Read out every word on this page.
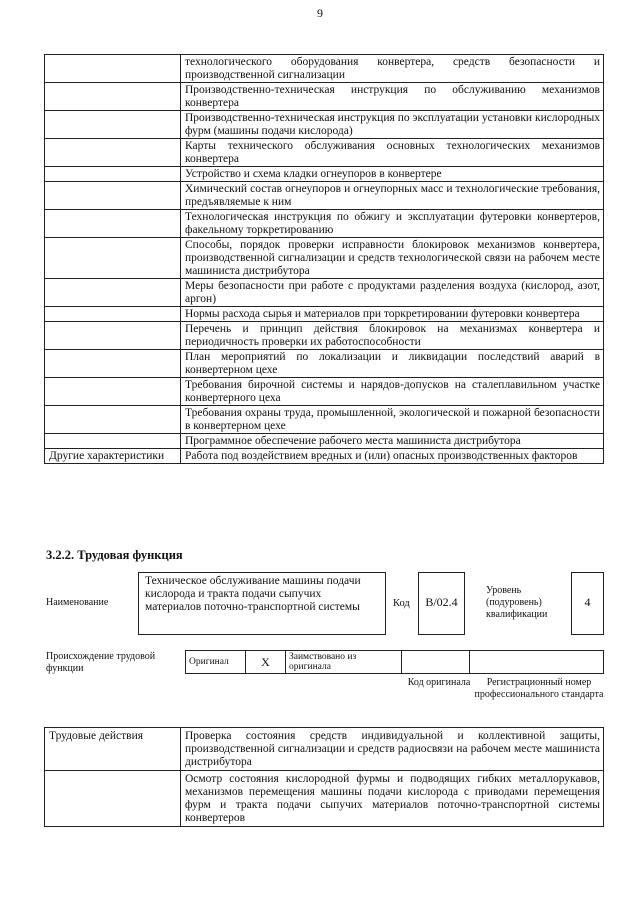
9
	технологического оборудования конвертера, средств безопасности и производственной сигнализации
	Производственно-техническая инструкция по обслуживанию механизмов конвертера
	Производственно-техническая инструкция по эксплуатации установки кислородных фурм (машины подачи кислорода)
	Карты технического обслуживания основных технологических механизмов конвертера
	Устройство и схема кладки огнеупоров в конвертере
	Химический состав огнеупоров и огнеупорных масс и технологические требования, предъявляемые к ним
	Технологическая инструкция по обжигу и эксплуатации футеровки конвертеров, факельному торкретированию
	Способы, порядок проверки исправности блокировок механизмов конвертера, производственной сигнализации и средств технологической связи на рабочем месте машиниста дистрибутора
	Меры безопасности при работе с продуктами разделения воздуха (кислород, азот, аргон)
	Нормы расхода сырья и материалов при торкретировании футеровки конвертера
	Перечень и принцип действия блокировок на механизмах конвертера и периодичность проверки их работоспособности
	План мероприятий по локализации и ликвидации последствий аварий в конвертерном цехе
	Требования бирочной системы и нарядов-допусков на сталеплавильном участке конвертерного цеха
	Требования охраны труда, промышленной, экологической и пожарной безопасности в конвертерном цехе
	Программное обеспечение рабочего места машиниста дистрибутора
Другие характеристики	Работа под воздействием вредных и (или) опасных производственных факторов
3.2.2. Трудовая функция
Наименование
Техническое обслуживание машины подачи кислорода и тракта подачи сыпучих материалов поточно-транспортной системы	Код	B/02.4
Уровень (подуровень) квалификации
4
Происхождение трудовой функции
Оригинал	X	Заимствовано из оригинала		
Код оригинала	Регистрационный номер профессионального стандарта
Трудовые действия	Проверка состояния средств индивидуальной и коллективной защиты, производственной сигнализации и средств радиосвязи на рабочем месте машиниста дистрибутора
	Осмотр состояния кислородной фурмы и подводящих гибких металлорукавов, механизмов перемещения машины подачи кислорода с приводами перемещения фурм и тракта подачи сыпучих материалов поточно-транспортной системы конвертеров
